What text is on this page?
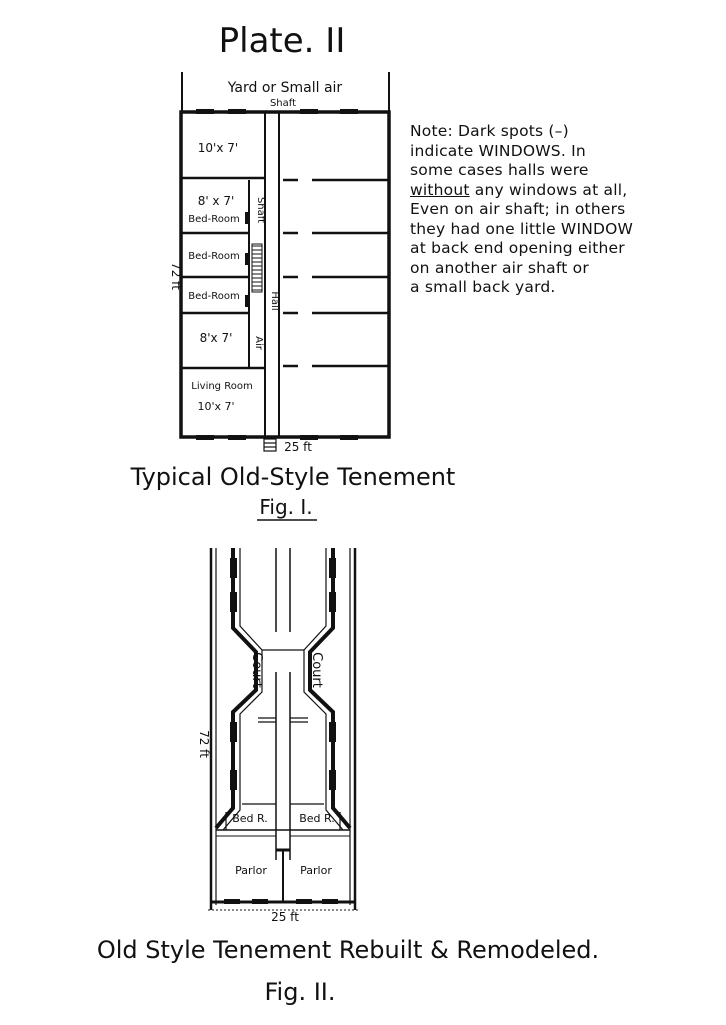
Plate. II
Yard or Small air
Shaft
10'x 7'
8' x 7'
Bed-Room
Bed-Room
Bed-Room
8'x 7'
Living Room
10'x 7'
Shaft
Air
Hall
72 ft
25 ft
Typical Old-Style Tenement
Fig. I.
Court	Court
72 ft
Bed R.	Bed R.
Parlor	Parlor
25 ft
Old Style Tenement Rebuilt & Remodeled.
Fig. II.
Note: Dark spots (–)
indicate WINDOWS. In
some cases halls were
without any windows at all,
Even on air shaft; in others
they had one little WINDOW
at back end opening either
on another air shaft or
a small back yard.
